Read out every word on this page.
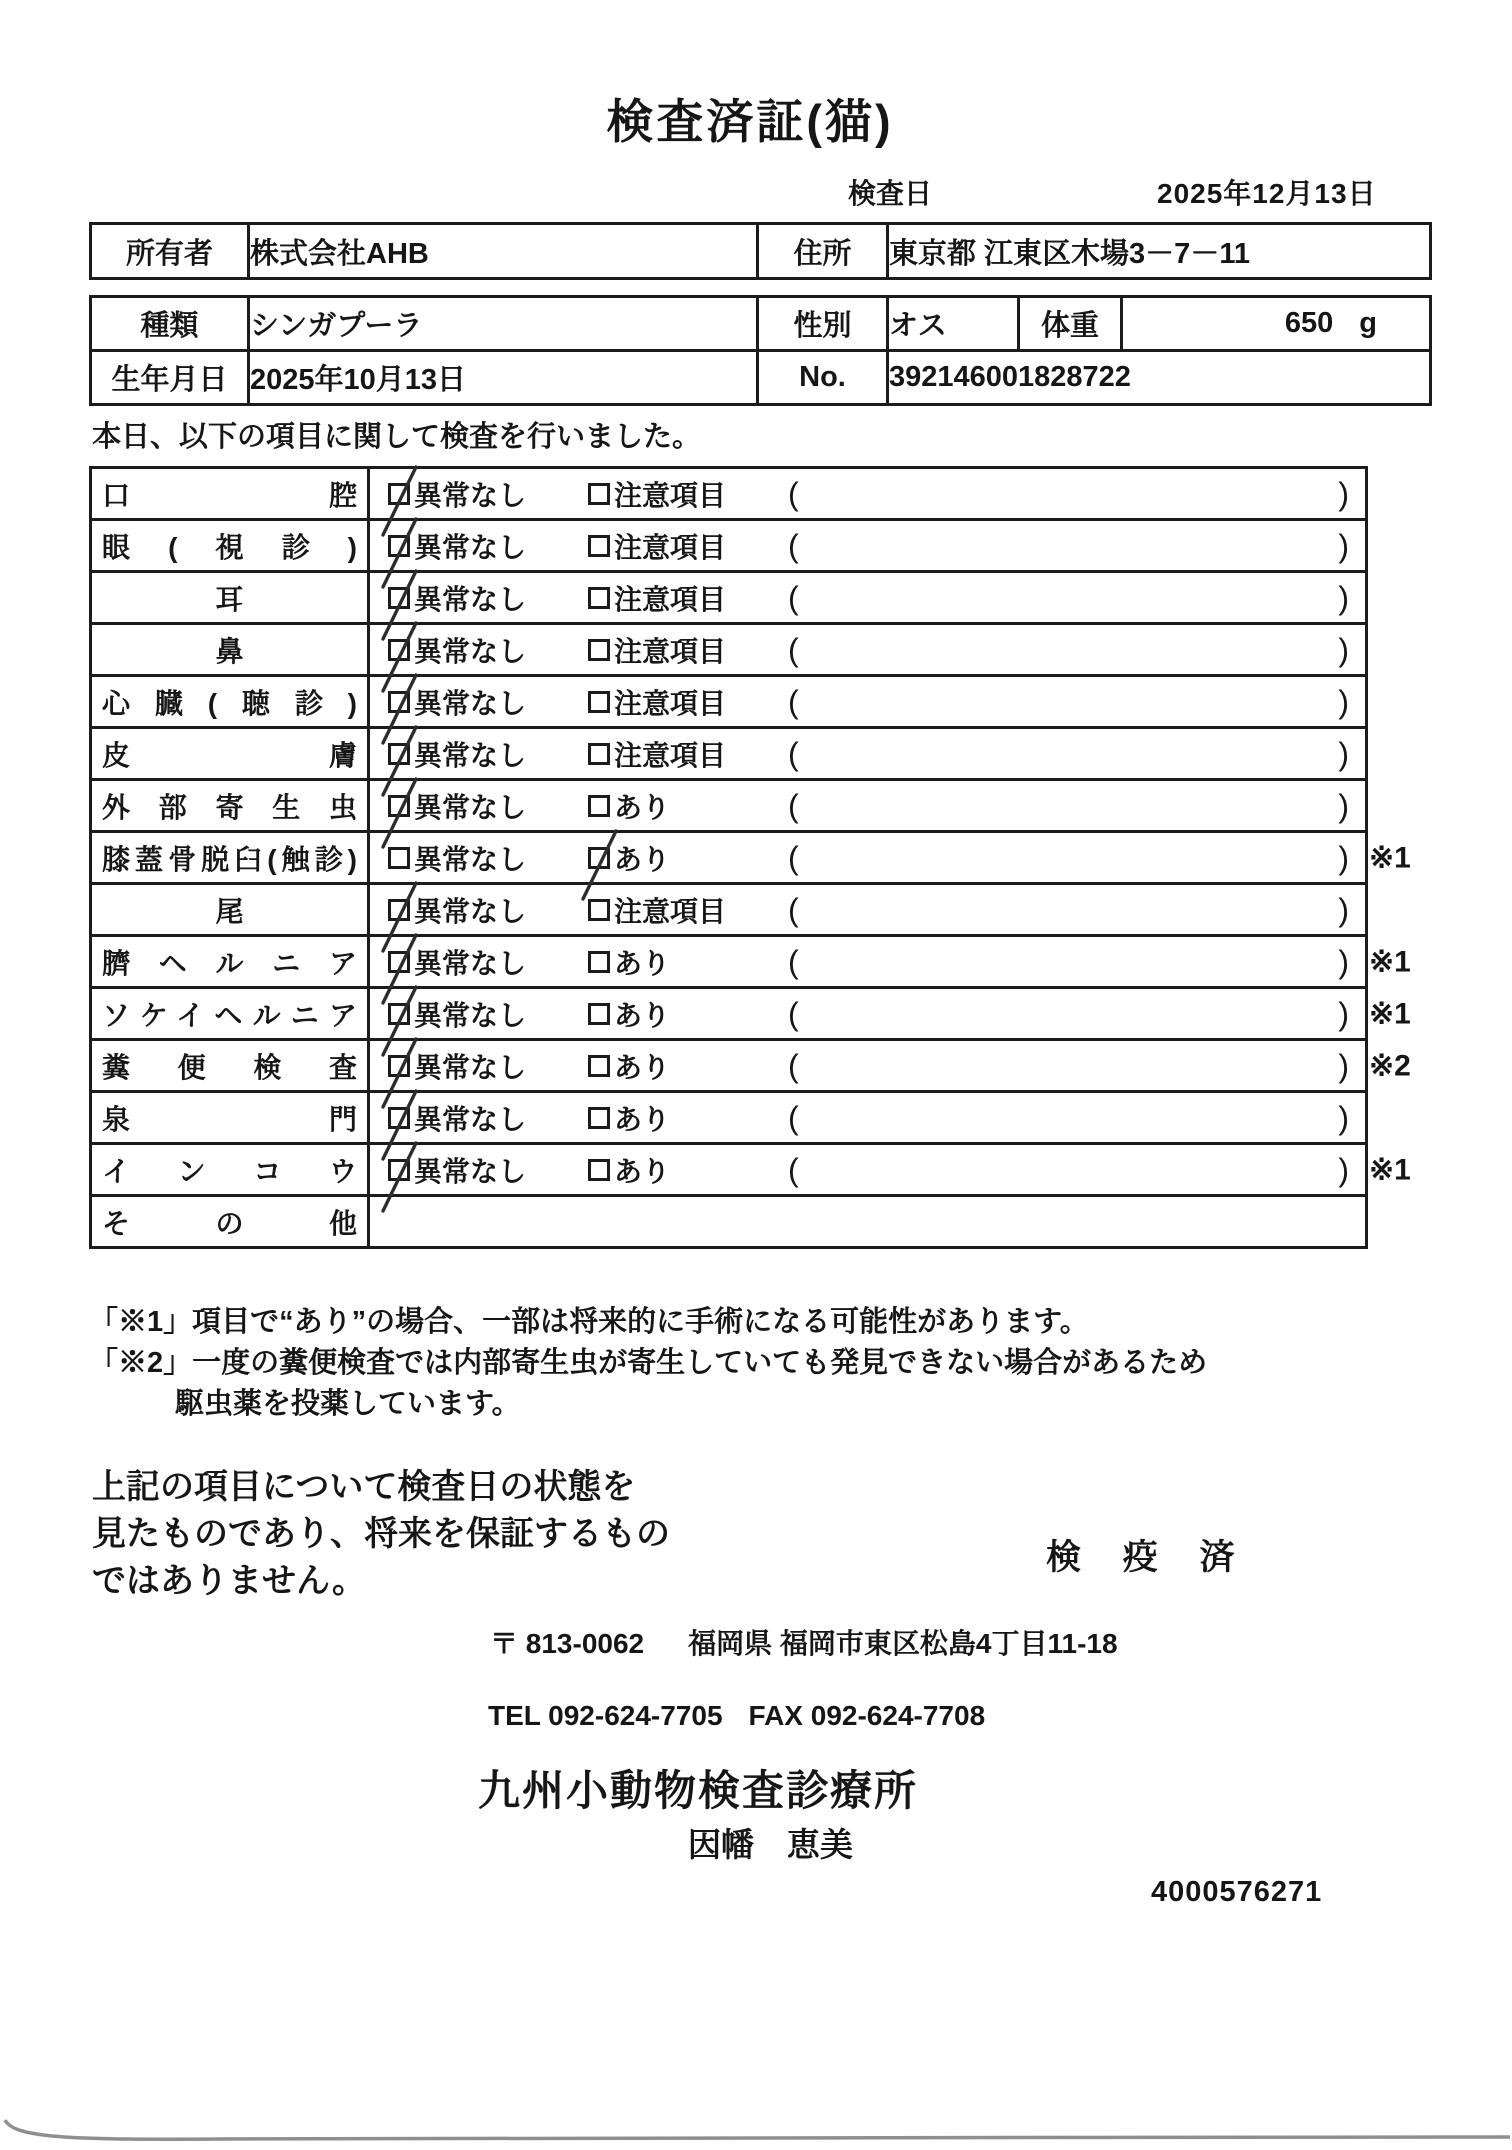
検査済証(猫)
検査日	2025年12月13日
所有者	株式会社AHB	住所	東京都 江東区木場3－7－11
種類	シンガプーラ	性別	オス	体重	650 g

生年月日	2025年10月13日	No.	392146001828722		
本日、以下の項目に関して検査を行いました。
口腔	異常なし 注意項目 ( )

眼(視診)	異常なし 注意項目 ( )

耳	異常なし 注意項目 ( )

鼻	異常なし 注意項目 ( )

心臓(聴診)	異常なし 注意項目 ( )

皮膚	異常なし 注意項目 ( )

外部寄生虫	異常なし あり ( )

膝蓋骨脱臼(触診)	異常なし あり ( ) ※1

尾	異常なし 注意項目 ( )

臍ヘルニア	異常なし あり ( ) ※1

ソケイヘルニア	異常なし あり ( ) ※1

糞便検査	異常なし あり ( ) ※2

泉門	異常なし あり ( )

インコウ	異常なし あり ( ) ※1

その他	

「※1」項目で“あり”の場合、一部は将来的に手術になる可能性があります。
「※2」一度の糞便検査では内部寄生虫が寄生していても発見できない場合があるため
駆虫薬を投薬しています。
上記の項目について検査日の状態を
見たものであり、将来を保証するもの
ではありません。
検 疫 済
〒 813-0062 福岡県 福岡市東区松島4丁目11-18
TEL 092-624-7705 FAX 092-624-7708
九州小動物検査診療所
因幡　恵美
4000576271
